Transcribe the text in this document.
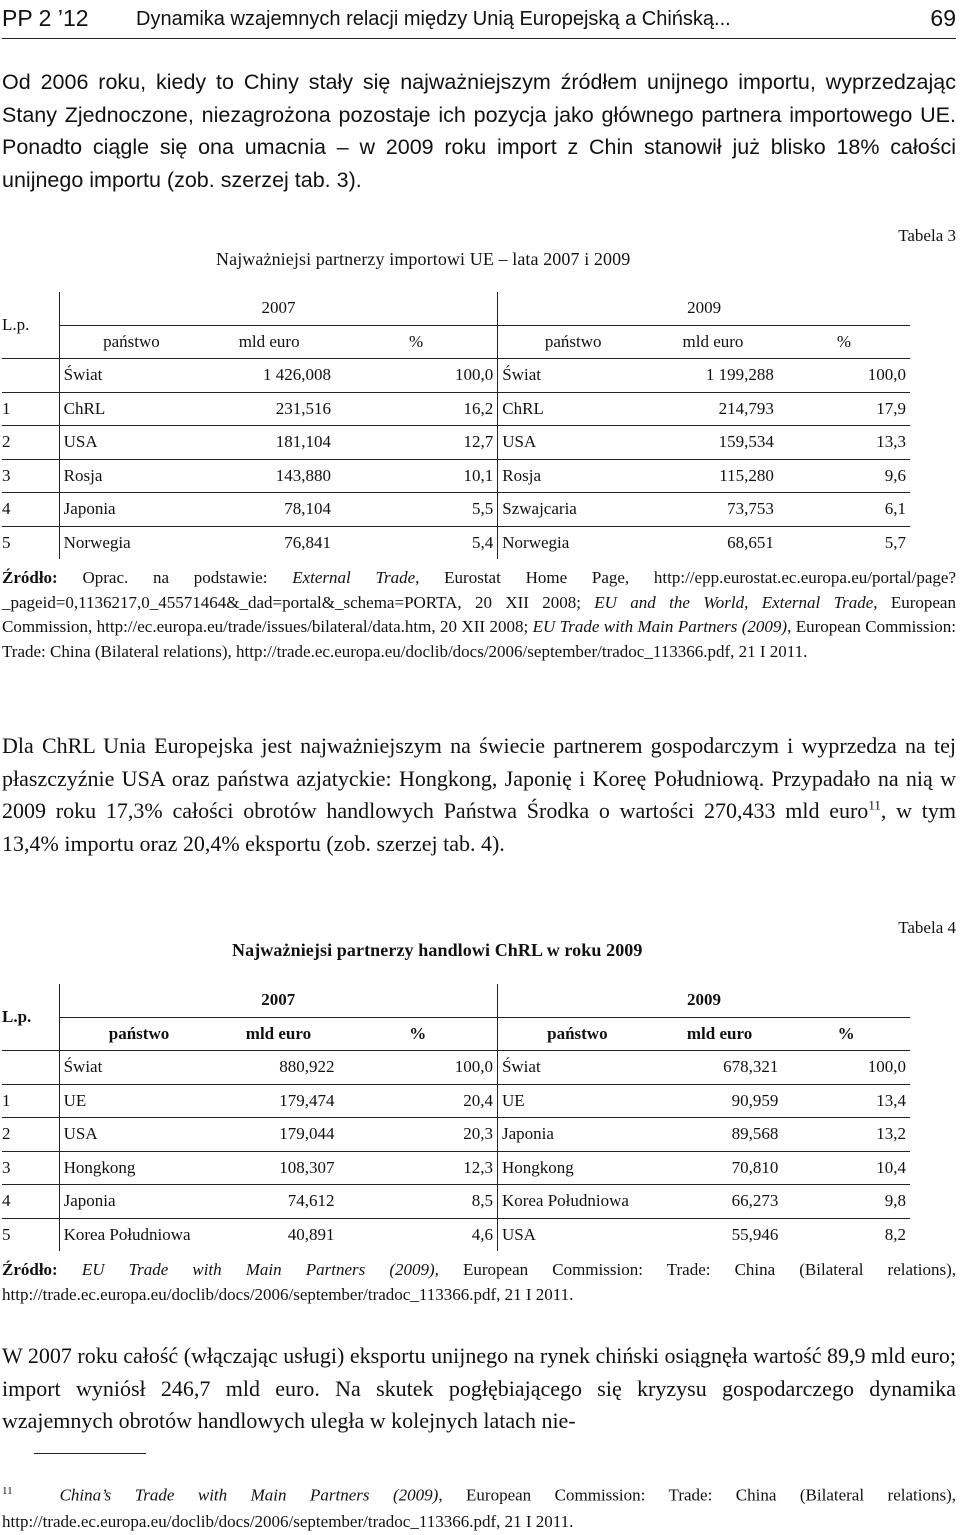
PP 2 ’12 Dynamika wzajemnych relacji między Unią Europejską a Chińską...	69

Od 2006 roku, kiedy to Chiny stały się najważniejszym źródłem unijnego importu, wyprzedzając Stany Zjednoczone, niezagrożona pozostaje ich pozycja jako głównego partnera importowego UE. Ponadto ciągle się ona umacnia – w 2009 roku import z Chin stanowił już blisko 18% całości unijnego importu (zob. szerzej tab. 3).

Tabela 3
Najważniejsi partnerzy importowi UE – lata 2007 i 2009
L.p.	2007			2009		
	państwo	mld euro	%	państwo	mld euro	%
	Świat	1 426,008	100,0	Świat	1 199,288	100,0
1	ChRL	231,516	16,2	ChRL	214,793	17,9
2	USA	181,104	12,7	USA	159,534	13,3
3	Rosja	143,880	10,1	Rosja	115,280	9,6
4	Japonia	78,104	5,5	Szwajcaria	73,753	6,1
5	Norwegia	76,841	5,4	Norwegia	68,651	5,7

Źródło: Oprac. na podstawie: External Trade, Eurostat Home Page, http://epp.eurostat.ec.europa.eu/portal/page?_pageid=0,1136217,0_45571464&_dad=portal&_schema=PORTA, 20 XII 2008; EU and the World, External Trade, European Commission, http://ec.europa.eu/trade/issues/bilateral/data.htm, 20 XII 2008; EU Trade with Main Partners (2009), European Commission: Trade: China (Bilateral relations), http://trade.ec.europa.eu/doclib/docs/2006/september/tradoc_113366.pdf, 21 I 2011.

Dla ChRL Unia Europejska jest najważniejszym na świecie partnerem gospodarczym i wyprzedza na tej płaszczyźnie USA oraz państwa azjatyckie: Hongkong, Japonię i Koreę Południową. Przypadało na nią w 2009 roku 17,3% całości obrotów handlowych Państwa Środka o wartości 270,433 mld euro$^{11}$, w tym 13,4% importu oraz 20,4% eksportu (zob. szerzej tab. 4).

Tabela 4
Najważniejsi partnerzy handlowi ChRL w roku 2009
L.p.	2007			2009		
	państwo	mld euro	%	państwo	mld euro	%
	Świat	880,922	100,0	Świat	678,321	100,0
1	UE	179,474	20,4	UE	90,959	13,4
2	USA	179,044	20,3	Japonia	89,568	13,2
3	Hongkong	108,307	12,3	Hongkong	70,810	10,4
4	Japonia	74,612	8,5	Korea Południowa	66,273	9,8
5	Korea Południowa	40,891	4,6	USA	55,946	8,2

Źródło: EU Trade with Main Partners (2009), European Commission: Trade: China (Bilateral relations), http://trade.ec.europa.eu/doclib/docs/2006/september/tradoc_113366.pdf, 21 I 2011.

W 2007 roku całość (włączając usługi) eksportu unijnego na rynek chiński osiągnęła wartość 89,9 mld euro; import wyniósł 246,7 mld euro. Na skutek pogłębiającego się kryzysu gospodarczego dynamika wzajemnych obrotów handlowych uległa w kolejnych latach nie-

$^{11}$	China’s Trade with Main Partners (2009), European Commission: Trade: China (Bilateral relations), http://trade.ec.europa.eu/doclib/docs/2006/september/tradoc_113366.pdf, 21 I 2011.
